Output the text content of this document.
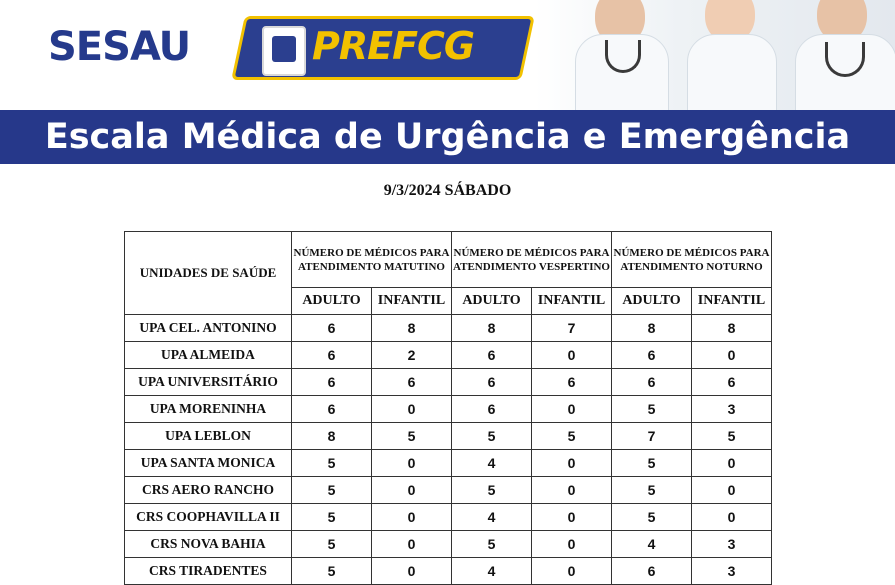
SESAU	PREFCG
Escala Médica de Urgência e Emergência
9/3/2024 SÁBADO
UNIDADES DE SAÚDE	NÚMERO DE MÉDICOS PARA ATENDIMENTO MATUTINO		NÚMERO DE MÉDICOS PARA ATENDIMENTO VESPERTINO		NÚMERO DE MÉDICOS PARA ATENDIMENTO NOTURNO	
	ADULTO	INFANTIL	ADULTO	INFANTIL	ADULTO	INFANTIL
UPA CEL. ANTONINO	6	8	8	7	8	8
UPA ALMEIDA	6	2	6	0	6	0
UPA UNIVERSITÁRIO	6	6	6	6	6	6
UPA MORENINHA	6	0	6	0	5	3
UPA LEBLON	8	5	5	5	7	5
UPA SANTA MONICA	5	0	4	0	5	0
CRS AERO RANCHO	5	0	5	0	5	0
CRS COOPHAVILLA II	5	0	4	0	5	0
CRS NOVA BAHIA	5	0	5	0	4	3
CRS TIRADENTES	5	0	4	0	6	3
